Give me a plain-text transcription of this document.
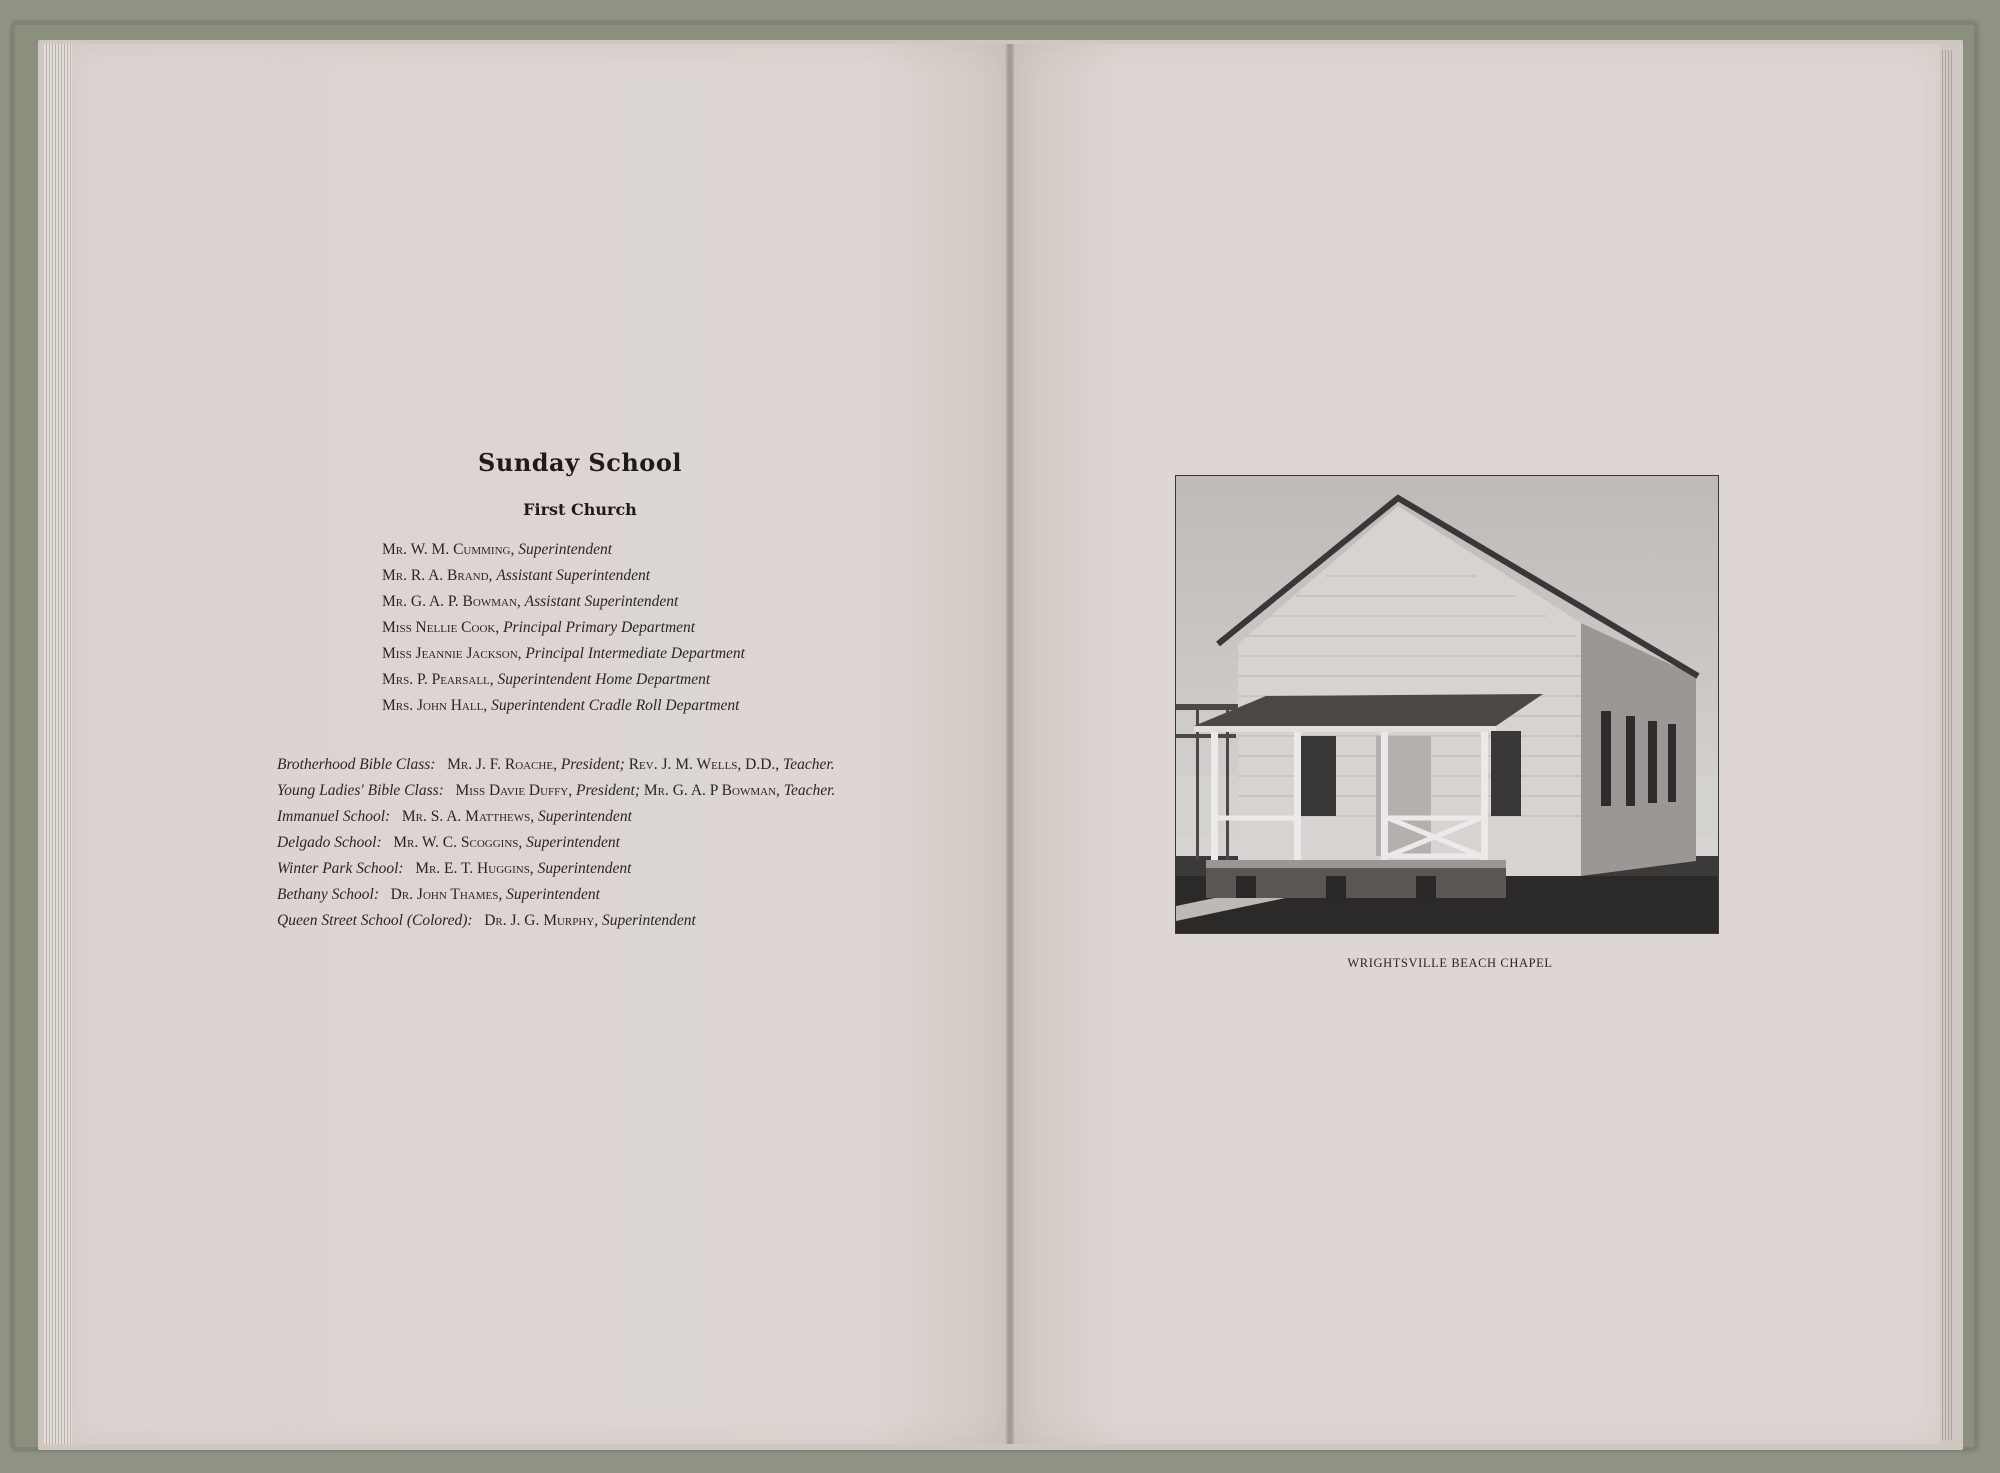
Sunday School
First Church
Mr. W. M. Cumming, Superintendent
Mr. R. A. Brand, Assistant Superintendent
Mr. G. A. P. Bowman, Assistant Superintendent
Miss Nellie Cook, Principal Primary Department
Miss Jeannie Jackson, Principal Intermediate Department
Mrs. P. Pearsall, Superintendent Home Department
Mrs. John Hall, Superintendent Cradle Roll Department
Brotherhood Bible Class: Mr. J. F. Roache, President; Rev. J. M. Wells, D.D., Teacher.
Young Ladies' Bible Class: Miss Davie Duffy, President; Mr. G. A. P Bowman, Teacher.
Immanuel School: Mr. S. A. Matthews, Superintendent
Delgado School: Mr. W. C. Scoggins, Superintendent
Winter Park School: Mr. E. T. Huggins, Superintendent
Bethany School: Dr. John Thames, Superintendent
Queen Street School (Colored): Dr. J. G. Murphy, Superintendent
WRIGHTSVILLE BEACH CHAPEL
